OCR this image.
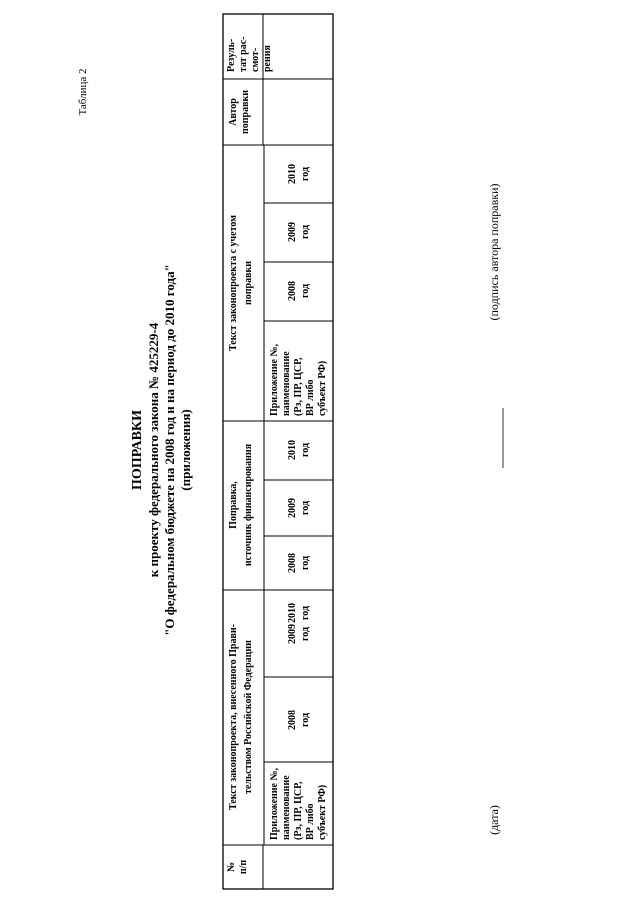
Таблица 2
ПОПРАВКИ к проекту федерального закона № 425229-4 "О федеральном бюджете на 2008 год и на период до 2010 года" (приложения)
№ п/п
Текст законопроекта, внесенного Прави- тельством Российской Федерации
Поправка, источник финансирования
Текст законопроекта с учетом поправки
Автор поправки
Резуль- тат рас- смот- рения
Приложение №, наименование (Рз, ПР, ЦСР, ВР либо субъект РФ)
Приложение №, наименование (Рз, ПР, ЦСР, ВР либо субъект РФ)
2008 год
2009 год
2010 год
2008 год
2009 год
2010 год
2008 год
2009 год
2010 год
(дата)
(подпись автора поправки)
